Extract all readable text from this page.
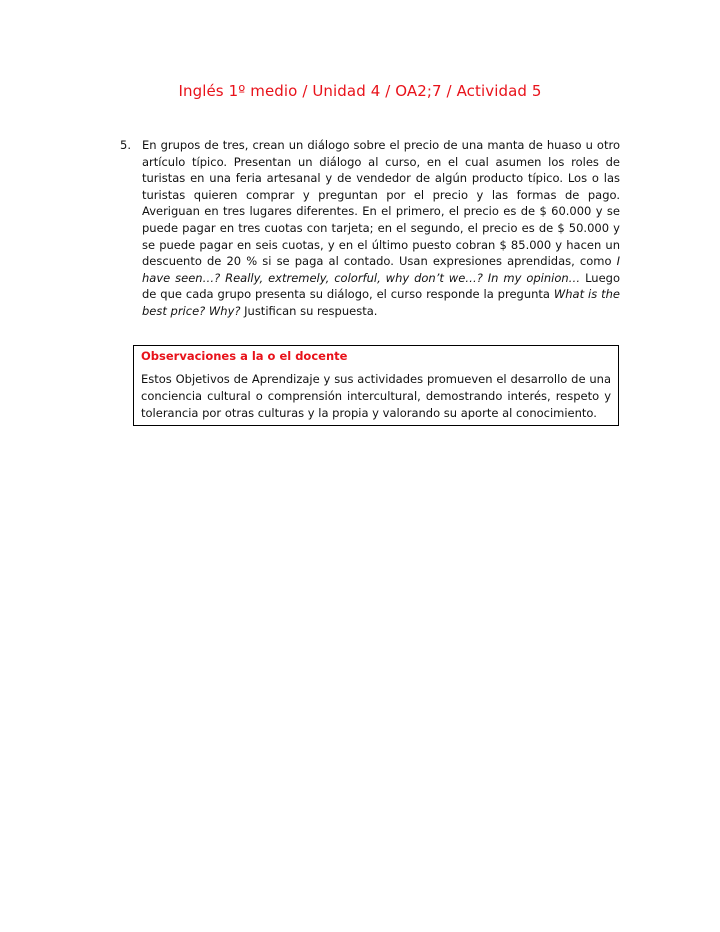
Inglés 1º medio / Unidad 4 / OA2;7 / Actividad 5
5. En grupos de tres, crean un diálogo sobre el precio de una manta de huaso u otro artículo típico. Presentan un diálogo al curso, en el cual asumen los roles de turistas en una feria artesanal y de vendedor de algún producto típico. Los o las turistas quieren comprar y preguntan por el precio y las formas de pago. Averiguan en tres lugares diferentes. En el primero, el precio es de $ 60.000 y se puede pagar en tres cuotas con tarjeta; en el segundo, el precio es de $ 50.000 y se puede pagar en seis cuotas, y en el último puesto cobran $ 85.000 y hacen un descuento de 20 % si se paga al contado. Usan expresiones aprendidas, como I have seen…? Really, extremely, colorful, why don’t we…? In my opinion… Luego de que cada grupo presenta su diálogo, el curso responde la pregunta What is the best price? Why? Justifican su respuesta.
Observaciones a la o el docente
Estos Objetivos de Aprendizaje y sus actividades promueven el desarrollo de una conciencia cultural o comprensión intercultural, demostrando interés, respeto y tolerancia por otras culturas y la propia y valorando su aporte al conocimiento.
